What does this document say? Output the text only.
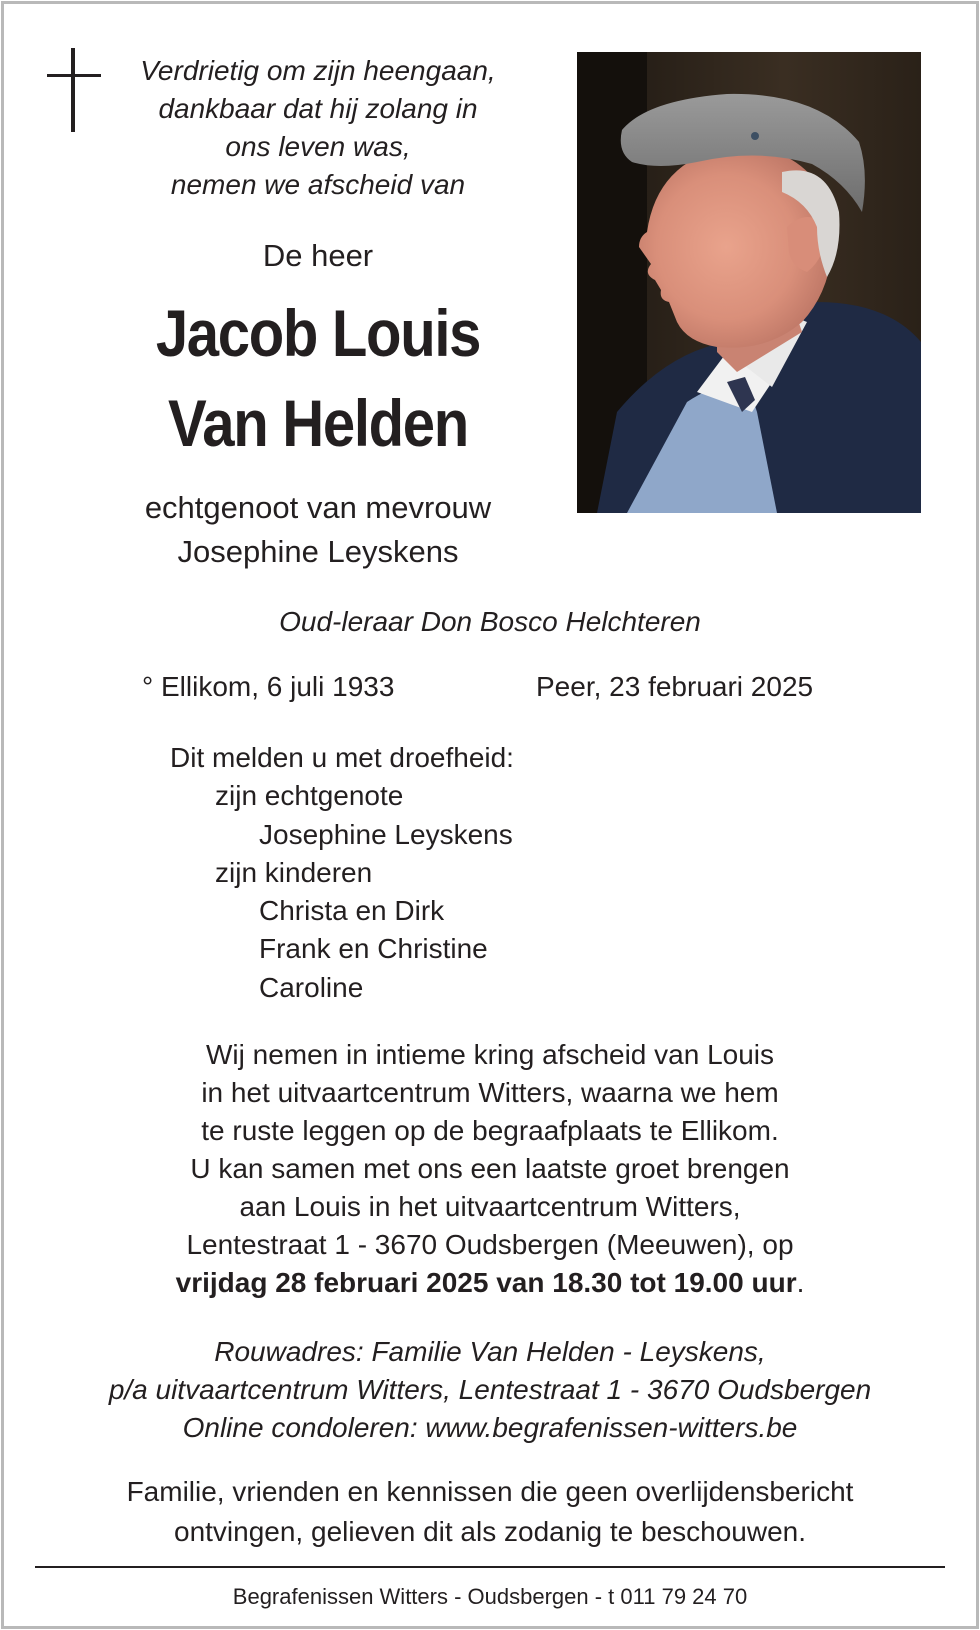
Verdrietig om zijn heengaan,
dankbaar dat hij zolang in
ons leven was,
nemen we afscheid van
De heer
Jacob Louis
Van Helden
echtgenoot van mevrouw
Josephine Leyskens
Oud-leraar Don Bosco Helchteren
° Ellikom, 6 juli 1933	Peer, 23 februari 2025
Dit melden u met droefheid:
zijn echtgenote
Josephine Leyskens
zijn kinderen
Christa en Dirk
Frank en Christine
Caroline
Wij nemen in intieme kring afscheid van Louis
in het uitvaartcentrum Witters, waarna we hem
te ruste leggen op de begraafplaats te Ellikom.
U kan samen met ons een laatste groet brengen
aan Louis in het uitvaartcentrum Witters,
Lentestraat 1 - 3670 Oudsbergen (Meeuwen), op
vrijdag 28 februari 2025 van 18.30 tot 19.00 uur.
Rouwadres: Familie Van Helden - Leyskens,
p/a uitvaartcentrum Witters, Lentestraat 1 - 3670 Oudsbergen
Online condoleren: www.begrafenissen-witters.be
Familie, vrienden en kennissen die geen overlijdensbericht
ontvingen, gelieven dit als zodanig te beschouwen.
Begrafenissen Witters - Oudsbergen - t 011 79 24 70
